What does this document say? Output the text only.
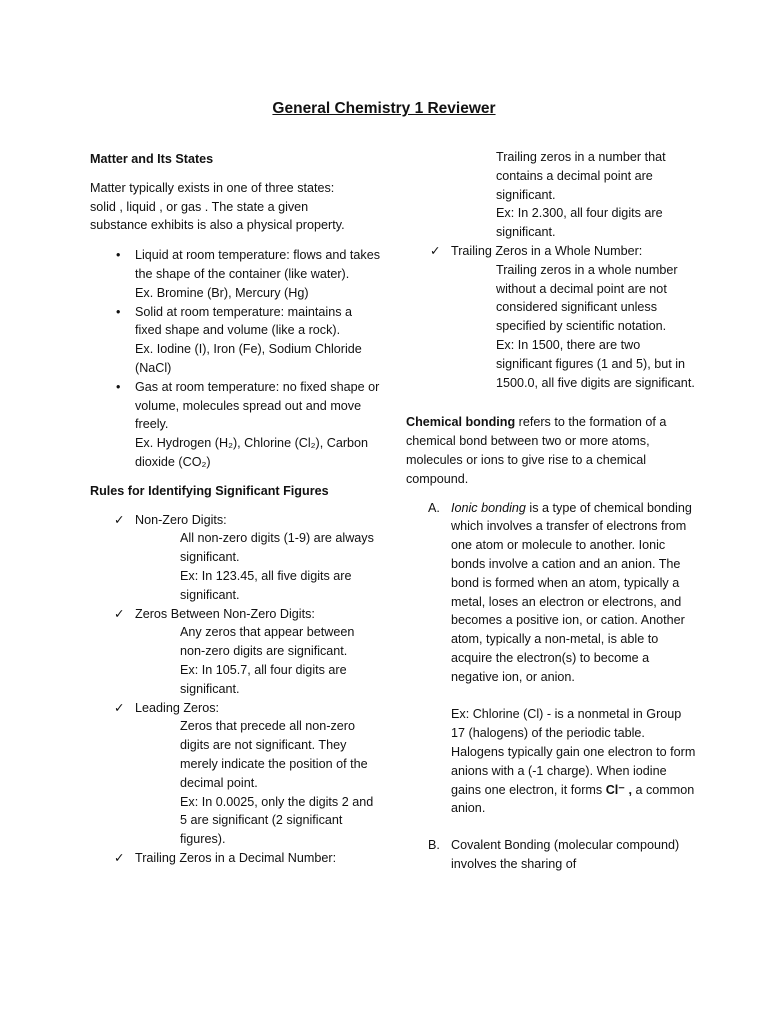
General Chemistry 1 Reviewer

Matter and Its States

Matter typically exists in one of three states: solid , liquid , or gas . The state a given substance exhibits is also a physical property.

• Liquid at room temperature: flows and takes the shape of the container (like water).
Ex. Bromine (Br), Mercury (Hg)
• Solid at room temperature: maintains a fixed shape and volume (like a rock).
Ex. Iodine (I), Iron (Fe), Sodium Chloride (NaCl)
• Gas at room temperature: no fixed shape or volume, molecules spread out and move freely.
Ex. Hydrogen (H₂), Chlorine (Cl₂), Carbon dioxide (CO₂)

Rules for Identifying Significant Figures

✓ Non-Zero Digits:
All non-zero digits (1-9) are always significant.
Ex: In 123.45, all five digits are significant.
✓ Zeros Between Non-Zero Digits:
Any zeros that appear between non-zero digits are significant.
Ex: In 105.7, all four digits are significant.
✓ Leading Zeros:
Zeros that precede all non-zero digits are not significant. They merely indicate the position of the decimal point.
Ex: In 0.0025, only the digits 2 and 5 are significant (2 significant figures).
✓ Trailing Zeros in a Decimal Number:
Trailing zeros in a number that contains a decimal point are significant.
Ex: In 2.300, all four digits are significant.
✓ Trailing Zeros in a Whole Number:
Trailing zeros in a whole number without a decimal point are not considered significant unless specified by scientific notation.
Ex: In 1500, there are two significant figures (1 and 5), but in 1500.0, all five digits are significant.

Chemical bonding refers to the formation of a chemical bond between two or more atoms, molecules or ions to give rise to a chemical compound.

A. Ionic bonding is a type of chemical bonding which involves a transfer of electrons from one atom or molecule to another. Ionic bonds involve a cation and an anion. The bond is formed when an atom, typically a metal, loses an electron or electrons, and becomes a positive ion, or cation. Another atom, typically a non-metal, is able to acquire the electron(s) to become a negative ion, or anion.
Ex: Chlorine (Cl) - is a nonmetal in Group 17 (halogens) of the periodic table. Halogens typically gain one electron to form anions with a (-1 charge). When iodine gains one electron, it forms Cl⁻ , a common anion.
B. Covalent Bonding (molecular compound) involves the sharing of
